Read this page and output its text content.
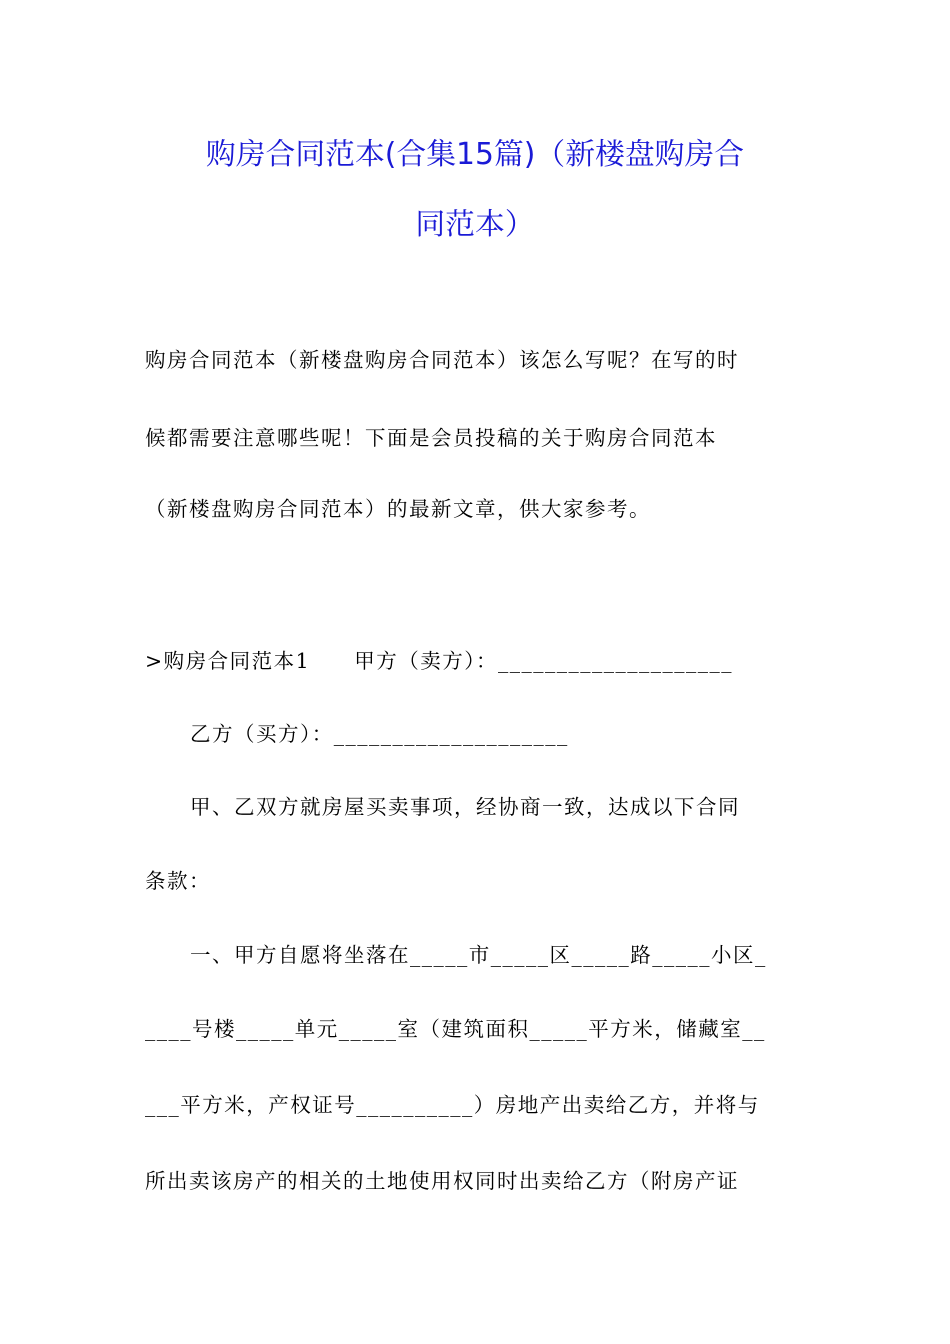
购房合同范本(合集15篇)（新楼盘购房合
同范本）
购房合同范本（新楼盘购房合同范本）该怎么写呢？在写的时
候都需要注意哪些呢！下面是会员投稿的关于购房合同范本
（新楼盘购房合同范本）的最新文章，供大家参考。
>购房合同范本1 甲方（卖方）：____________________
乙方（买方）：____________________
甲、乙双方就房屋买卖事项，经协商一致，达成以下合同
条款：
一、甲方自愿将坐落在_____市_____区_____路_____小区_
____号楼_____单元_____室（建筑面积_____平方米，储藏室__
___平方米，产权证号__________）房地产出卖给乙方，并将与
所出卖该房产的相关的土地使用权同时出卖给乙方（附房产证
